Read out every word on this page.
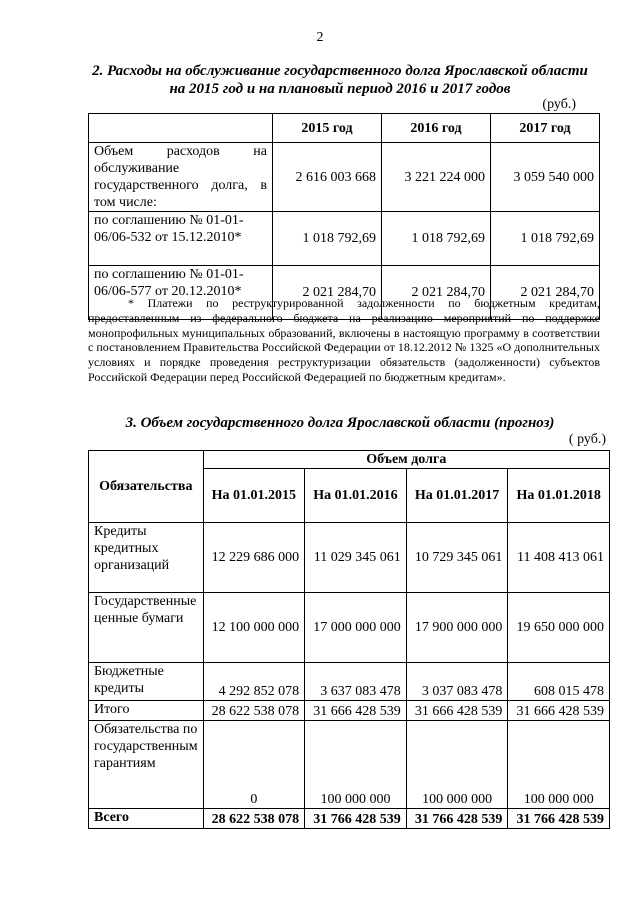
2
2. Расходы на обслуживание государственного долга Ярославской области
на 2015 год и на плановый период 2016 и 2017 годов
(руб.)
	2015 год	2016 год	2017 год
Объем расходов на обслуживание государственного долга, в том числе:	2 616 003 668	3 221 224 000	3 059 540 000
по соглашению № 01-01-06/06-532 от 15.12.2010*	1 018 792,69	1 018 792,69	1 018 792,69
по соглашению № 01-01-06/06-577 от 20.12.2010*	2 021 284,70	2 021 284,70	2 021 284,70
* Платежи по реструктурированной задолженности по бюджетным кредитам, предоставленным из федерального бюджета на реализацию мероприятий по поддержке монопрофильных муниципальных образований, включены в настоящую программу в соответствии с постановлением Правительства Российской Федерации от 18.12.2012 № 1325 «О дополнительных условиях и порядке проведения реструктуризации обязательств (задолженности) субъектов Российской Федерации перед Российской Федерацией по бюджетным кредитам».
3. Объем государственного долга Ярославской области (прогноз)
( руб.)
Обязательства	Объем долга			
	На 01.01.2015	На 01.01.2016	На 01.01.2017	На 01.01.2018
Кредиты кредитных организаций	12 229 686 000	11 029 345 061	10 729 345 061	11 408 413 061
Государственные ценные бумаги	12 100 000 000	17 000 000 000	17 900 000 000	19 650 000 000
Бюджетные кредиты	4 292 852 078	3 637 083 478	3 037 083 478	608 015 478
Итого	28 622 538 078	31 666 428 539	31 666 428 539	31 666 428 539
Обязательства по государственным гарантиям	0	100 000 000	100 000 000	100 000 000
Всего	28 622 538 078	31 766 428 539	31 766 428 539	31 766 428 539
